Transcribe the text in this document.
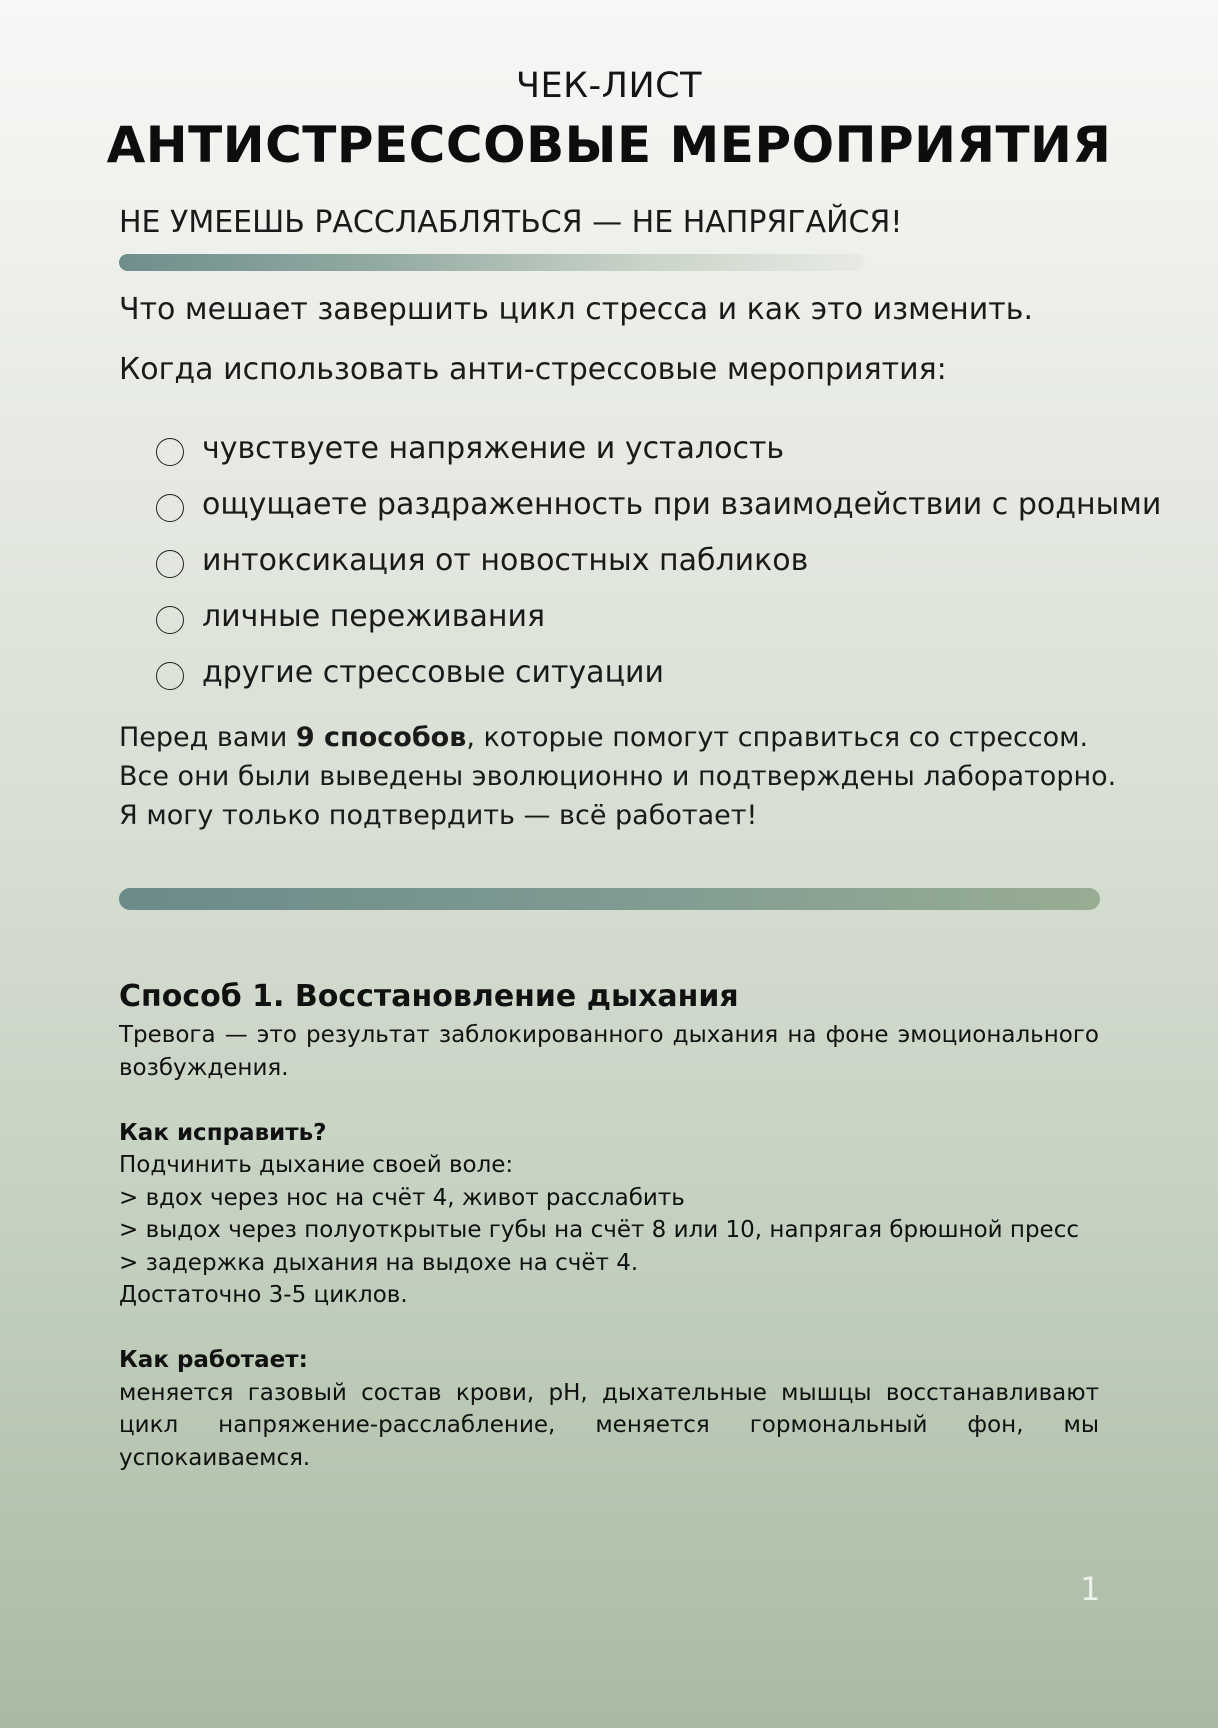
ЧЕК-ЛИСТ
АНТИСТРЕССОВЫЕ МЕРОПРИЯТИЯ
НЕ УМЕЕШЬ РАССЛАБЛЯТЬСЯ — НЕ НАПРЯГАЙСЯ!
Что мешает завершить цикл стресса и как это изменить.
Когда использовать анти-стрессовые мероприятия:
чувствуете напряжение и усталость
ощущаете раздраженность при взаимодействии с родными
интоксикация от новостных пабликов
личные переживания
другие стрессовые ситуации
Перед вами 9 способов, которые помогут справиться со стрессом.
Все они были выведены эволюционно и подтверждены лабораторно.
Я могу только подтвердить — всё работает!
Способ 1. Восстановление дыхания

Тревога — это результат заблокированного дыхания на фоне эмоционального возбуждения.

Как исправить?

Подчинить дыхание своей воле:

> вдох через нос на счёт 4, живот расслабить

> выдох через полуоткрытые губы на счёт 8 или 10, напрягая брюшной пресс

> задержка дыхания на выдохе на счёт 4.

Достаточно 3-5 циклов.

Как работает:

меняется газовый состав крови, pH, дыхательные мышцы восстанавливают цикл напряжение-расслабление, меняется гормональный фон, мы успокаиваемся.

1
